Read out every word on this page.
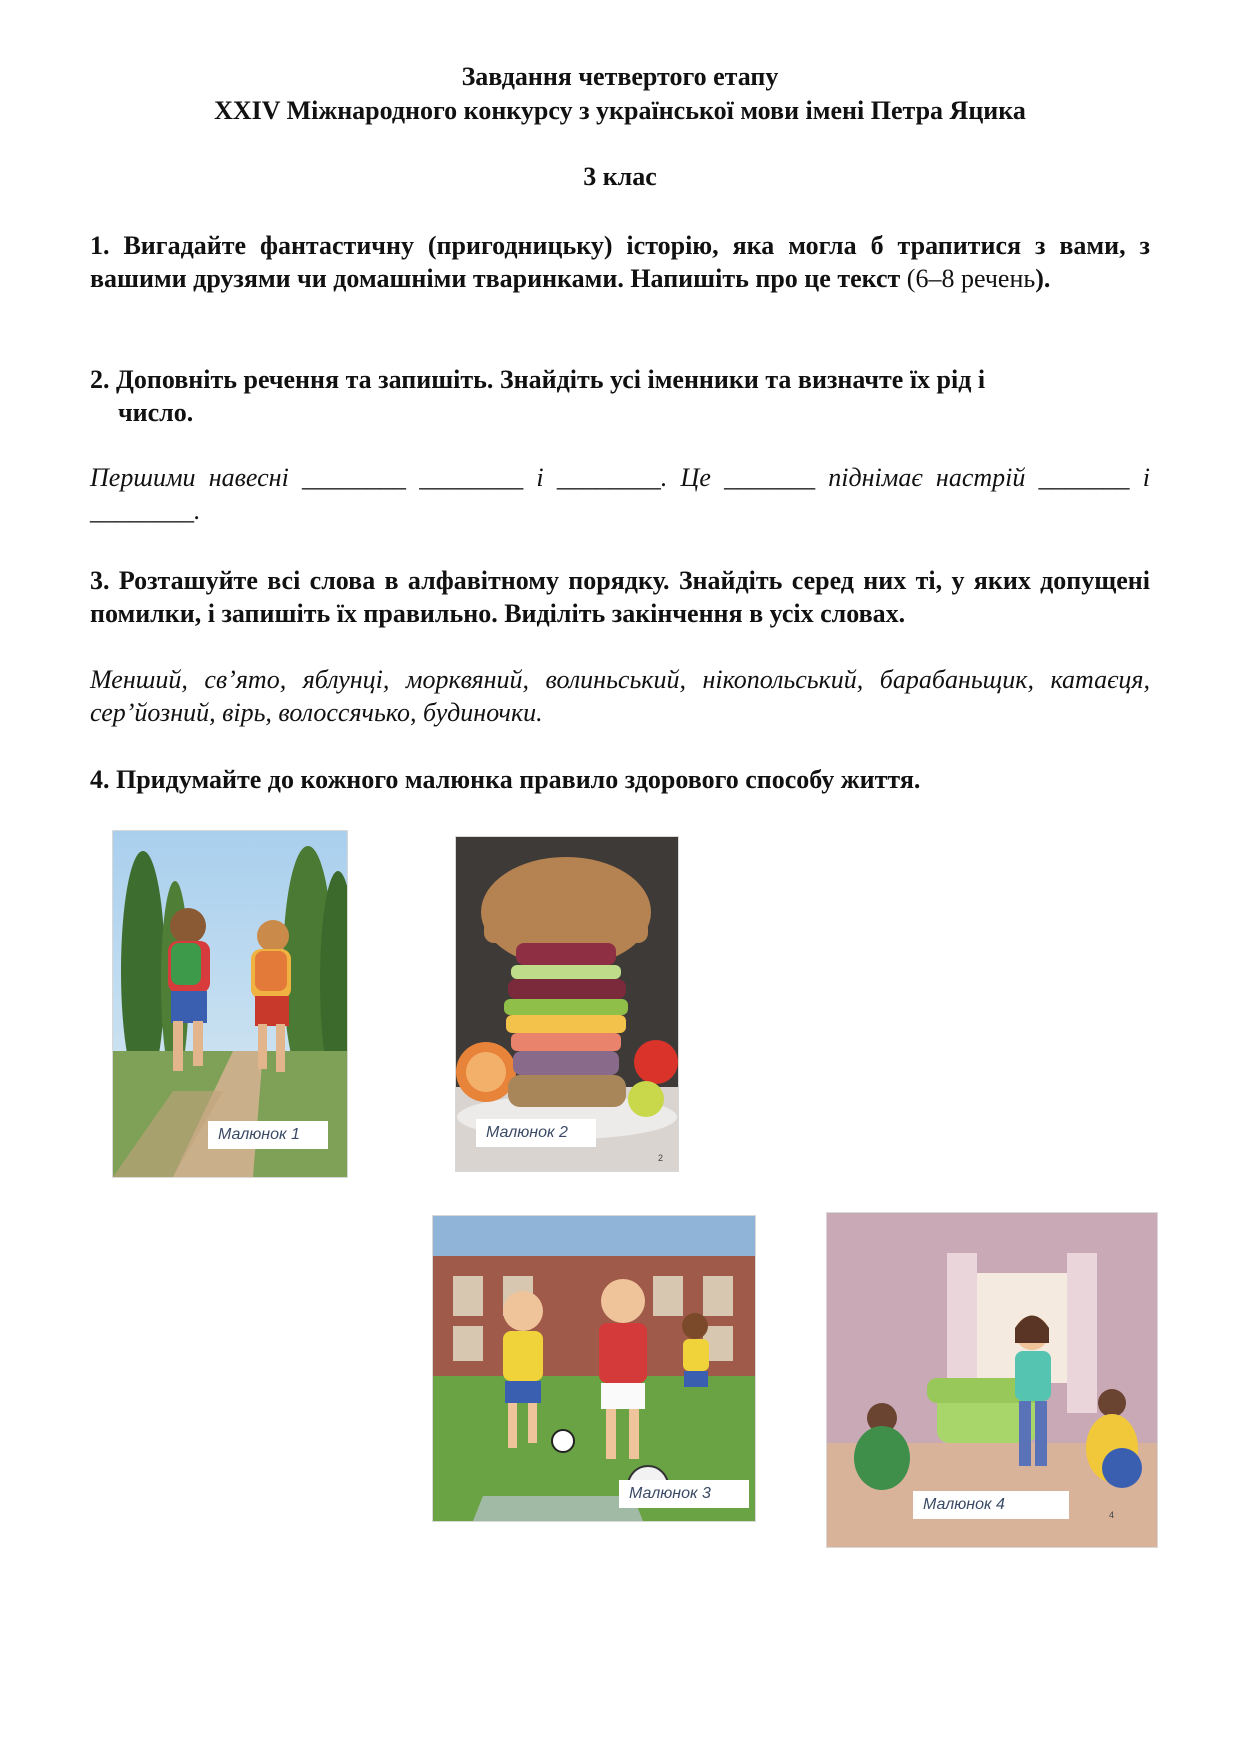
Завдання четвертого етапу
XXIV Міжнародного конкурсу з української мови імені Петра Яцика
3 клас
1. Вигадайте фантастичну (пригодницьку) історію, яка могла б трапитися з вами, з вашими друзями чи домашніми тваринками. Напишіть про це текст (6–8 речень).
2. Доповніть речення та запишіть. Знайдіть усі іменники та визначте їх рід і
число.
Першими навесні ________ ________ і ________. Це _______ піднімає настрій _______ і ________.
3. Розташуйте всі слова в алфавітному порядку. Знайдіть серед них ті, у яких допущені помилки, і запишіть їх правильно. Виділіть закінчення в усіх словах.
Менший, св’ято, яблунці, морквяний, волиньський, нікопольський, барабаньщик, катаєця, сер’йозний, вірь, волоссячько, будиночки.
4. Придумайте до кожного малюнка правило здорового способу життя.
Малюнок 1	Малюнок 2
2
Малюнок 3
Малюнок 4
4
